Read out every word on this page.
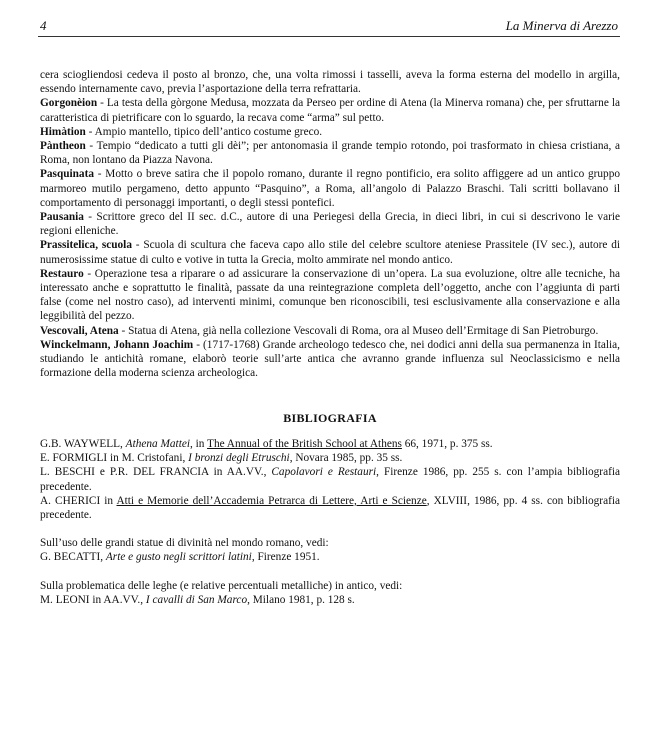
4	La Minerva di Arezzo

cera sciogliendosi cedeva il posto al bronzo, che, una volta rimossi i tasselli, aveva la forma esterna del modello in argilla, essendo internamente cavo, previa l’asportazione della terra refrattaria.

Gorgonèion - La testa della gòrgone Medusa, mozzata da Perseo per ordine di Atena (la Minerva romana) che, per sfruttarne la caratteristica di pietrificare con lo sguardo, la recava come “arma” sul petto.

Himàtion - Ampio mantello, tipico dell’antico costume greco.

Pàntheon - Tempio “dedicato a tutti gli dèi”; per antonomasia il grande tempio rotondo, poi trasformato in chiesa cristiana, a Roma, non lontano da Piazza Navona.

Pasquinata - Motto o breve satira che il popolo romano, durante il regno pontificio, era solito affiggere ad un antico gruppo marmoreo mutilo pergameno, detto appunto “Pasquino”, a Roma, all’angolo di Palazzo Braschi. Tali scritti bollavano il comportamento di personaggi importanti, o degli stessi pontefici.

Pausania - Scrittore greco del II sec. d.C., autore di una Periegesi della Grecia, in dieci libri, in cui si descrivono le varie regioni elleniche.

Prassitelica, scuola - Scuola di scultura che faceva capo allo stile del celebre scultore ateniese Prassitele (IV sec.), autore di numerosissime statue di culto e votive in tutta la Grecia, molto ammirate nel mondo antico.

Restauro - Operazione tesa a riparare o ad assicurare la conservazione di un’opera. La sua evoluzione, oltre alle tecniche, ha interessato anche e soprattutto le finalità, passate da una reintegrazione completa dell’oggetto, anche con l’aggiunta di parti false (come nel nostro caso), ad interventi minimi, comunque ben riconoscibili, tesi esclusivamente alla conservazione e alla leggibilità del pezzo.

Vescovali, Atena - Statua di Atena, già nella collezione Vescovali di Roma, ora al Museo dell’Ermitage di San Pietroburgo.

Winckelmann, Johann Joachim - (1717-1768) Grande archeologo tedesco che, nei dodici anni della sua permanenza in Italia, studiando le antichità romane, elaborò teorie sull’arte antica che avranno grande influenza sul Neoclassicismo e nella formazione della moderna scienza archeologica.

BIBLIOGRAFIA

G.B. WAYWELL, Athena Mattei, in The Annual of the British School at Athens 66, 1971, p. 375 ss.

E. FORMIGLI in M. Cristofani, I bronzi degli Etruschi, Novara 1985, pp. 35 ss.

L. BESCHI e P.R. DEL FRANCIA in AA.VV., Capolavori e Restauri, Firenze 1986, pp. 255 s. con l’ampia bibliografia precedente.

A. CHERICI in Atti e Memorie dell’Accademia Petrarca di Lettere, Arti e Scienze, XLVIII, 1986, pp. 4 ss. con bibliografia precedente.

Sull’uso delle grandi statue di divinità nel mondo romano, vedi:

G. BECATTI, Arte e gusto negli scrittori latini, Firenze 1951.

Sulla problematica delle leghe (e relative percentuali metalliche) in antico, vedi:

M. LEONI in AA.VV., I cavalli di San Marco, Milano 1981, p. 128 s.
